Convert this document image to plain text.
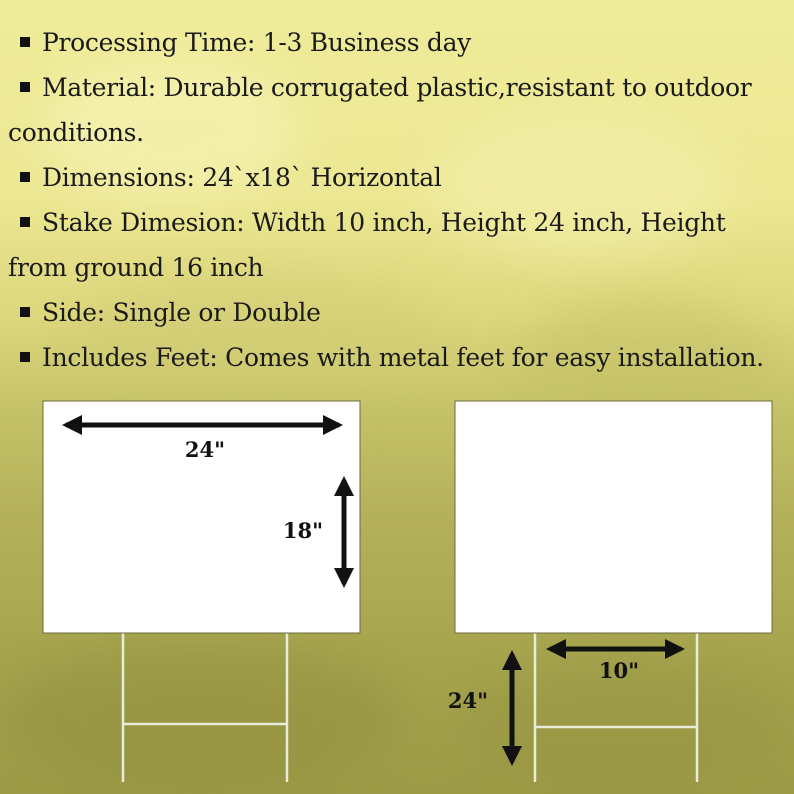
Processing Time: 1-3 Business day
Material: Durable corrugated plastic,resistant to outdoor conditions.
Dimensions: 24ˋx18ˋ Horizontal
Stake Dimesion: Width 10 inch, Height 24 inch, Height from ground 16 inch
Side: Single or Double
Includes Feet: Comes with metal feet for easy installation.
24"
18"
10"
24"
